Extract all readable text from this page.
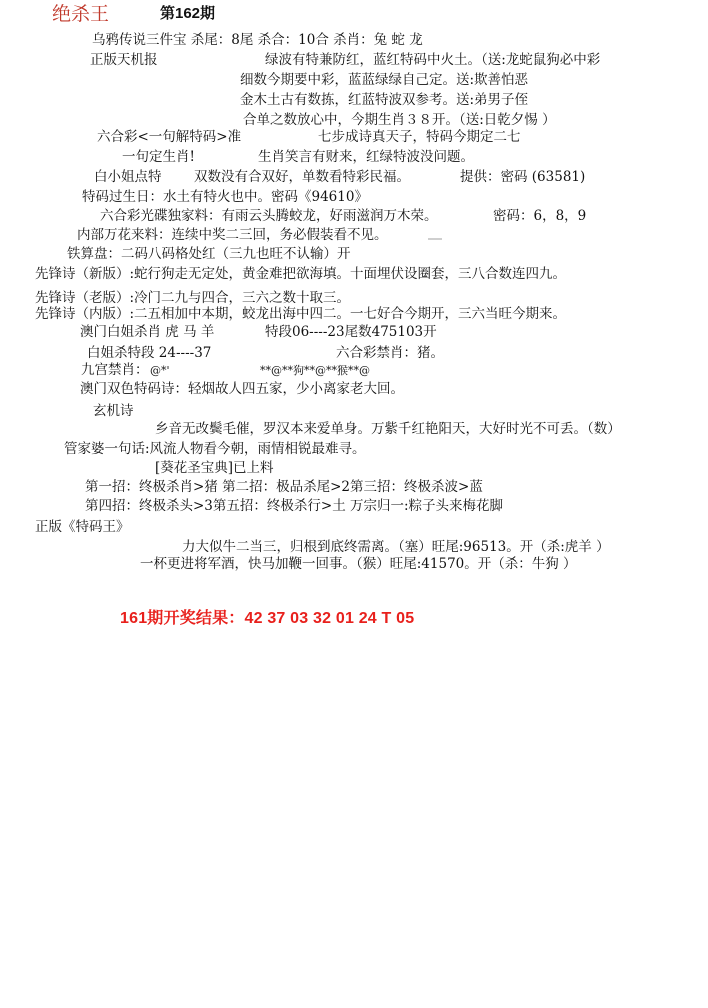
绝杀王	第162期
乌鸦传说三件宝 杀尾：8尾 杀合：10合 杀肖：兔 蛇 龙
正版天机报	绿波有特兼防红，蓝红特码中火土。（送:龙蛇鼠狗必中彩
细数今期要中彩，蓝蓝绿绿自己定。送:欺善怕恶
金木土古有数拣，红蓝特波双参考。送:弟男子侄
合单之数放心中，今期生肖３８开。（送:日乾夕惕 ）
六合彩<一句解特码>准	七步成诗真天子，特码今期定二七
一句定生肖!	生肖笑言有财来，红绿特波没问题。
白小姐点特 双数没有合双好，单数看特彩民福。	提供：密码 (63581)
特码过生日：水土有特火也中。密码《94610》
六合彩光碟独家料：有雨云头腾蛟龙，好雨滋润万木荣。	密码：6，8，9
内部万花来料：连续中奖二三回，务必假装看不见。
铁算盘：二码八码格处红（三九也旺不认输）开
先锋诗（新版）:蛇行狗走无定处，黄金难把欲海填。十面埋伏设圈套，三八合数连四九。
先锋诗（老版）:冷门二九与四合，三六之数十取三。
先锋诗（内版）:二五相加中本期，蛟龙出海中四二。一七好合今期开，三六当旺今期来。
澳门白姐杀肖 虎 马 羊	特段06----23尾数475103开
白姐杀特段 24----37	六合彩禁肖：猪。
九宫禁肖： @*'	**@**狗**@**猴**@
澳门双色特码诗：轻烟故人四五家，少小离家老大回。
玄机诗
乡音无改鬓毛催，罗汉本来爱单身。万紫千红艳阳天，大好时光不可丢。（数）
管家婆一句话:风流人物看今朝，雨情相锐最难寻。
[葵花圣宝典]已上料
第一招：终极杀肖>猪 第二招：极品杀尾>2第三招：终极杀波>蓝
第四招：终极杀头>3第五招：终极杀行>土 万宗归一:粽子头来梅花脚
正版《特码王》
力大似牛二当三，归根到底终需离。（塞）旺尾:96513。开（杀:虎羊 ）
一杯更进将军酒，快马加鞭一回事。（猴）旺尾:41570。开（杀：牛狗 ）
161期开奖结果：42 37 03 32 01 24 T 05
